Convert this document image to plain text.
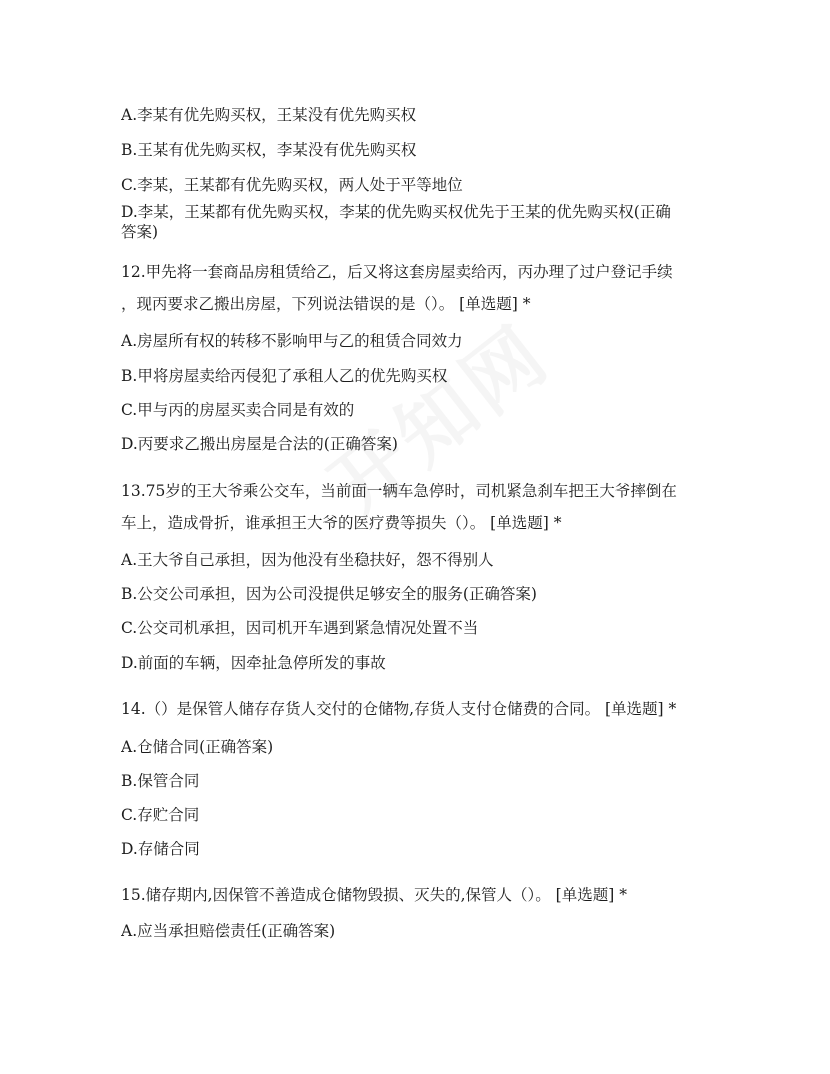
A.李某有优先购买权，王某没有优先购买权
B.王某有优先购买权，李某没有优先购买权
C.李某，王某都有优先购买权，两人处于平等地位
D.李某，王某都有优先购买权，李某的优先购买权优先于王某的优先购买权(正确
答案)
12.甲先将一套商品房租赁给乙，后又将这套房屋卖给丙，丙办理了过户登记手续
，现丙要求乙搬出房屋，下列说法错误的是（）。 [单选题] *
A.房屋所有权的转移不影响甲与乙的租赁合同效力
B.甲将房屋卖给丙侵犯了承租人乙的优先购买权
C.甲与丙的房屋买卖合同是有效的
D.丙要求乙搬出房屋是合法的(正确答案)
13.75岁的王大爷乘公交车，当前面一辆车急停时，司机紧急刹车把王大爷摔倒在
车上，造成骨折，谁承担王大爷的医疗费等损失（）。 [单选题] *
A.王大爷自己承担，因为他没有坐稳扶好，怨不得别人
B.公交公司承担，因为公司没提供足够安全的服务(正确答案)
C.公交司机承担，因司机开车遇到紧急情况处置不当
D.前面的车辆，因牵扯急停所发的事故
14.（）是保管人储存存货人交付的仓储物,存货人支付仓储费的合同。 [单选题] *
A.仓储合同(正确答案)
B.保管合同
C.存贮合同
D.存储合同
15.储存期内,因保管不善造成仓储物毁损、灭失的,保管人（）。 [单选题] *
A.应当承担赔偿责任(正确答案)
